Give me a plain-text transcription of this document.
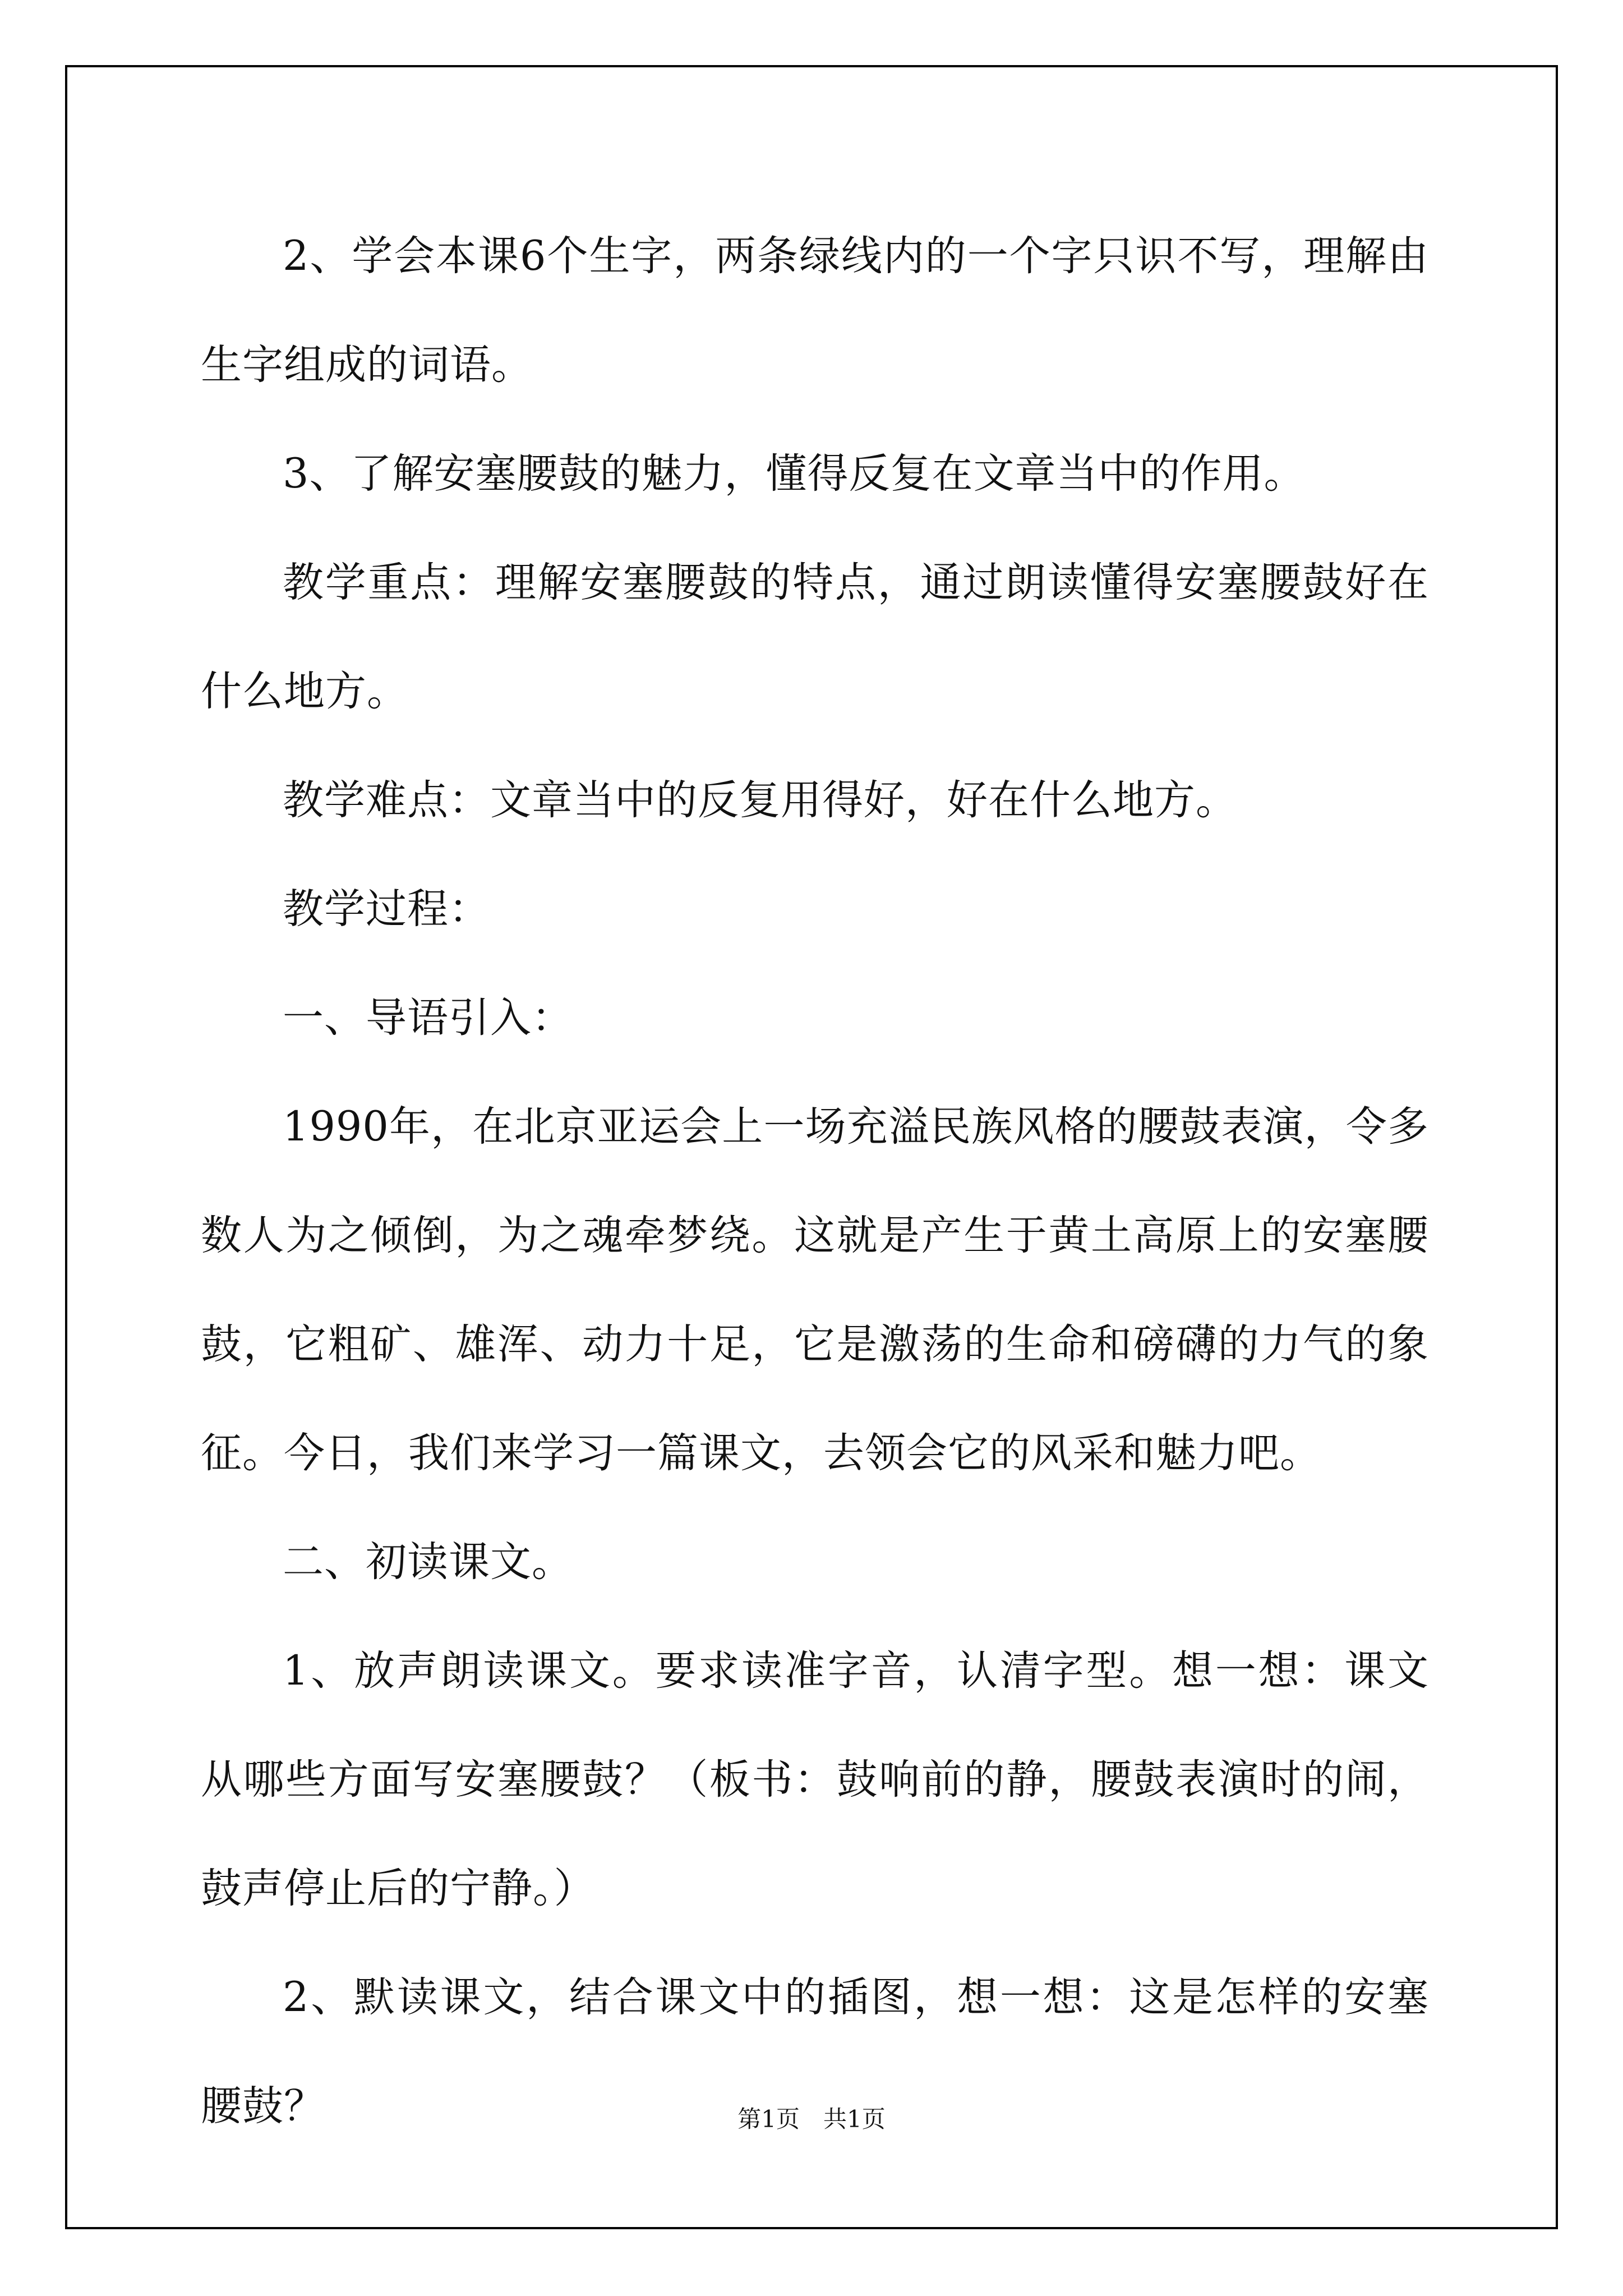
2、学会本课6个生字，两条绿线内的一个字只识不写，理解由生字组成的词语。

3、了解安塞腰鼓的魅力，懂得反复在文章当中的作用。

教学重点：理解安塞腰鼓的特点，通过朗读懂得安塞腰鼓好在什么地方。

教学难点：文章当中的反复用得好，好在什么地方。

教学过程：

一、导语引入：

1990年，在北京亚运会上一场充溢民族风格的腰鼓表演，令多数人为之倾倒，为之魂牵梦绕。这就是产生于黄土高原上的安塞腰鼓，它粗矿、雄浑、动力十足，它是激荡的生命和磅礴的力气的象征。今日，我们来学习一篇课文，去领会它的风采和魅力吧。

二、初读课文。

1、放声朗读课文。要求读准字音，认清字型。想一想：课文从哪些方面写安塞腰鼓？（板书：鼓响前的静，腰鼓表演时的闹，鼓声停止后的宁静。）

2、默读课文，结合课文中的插图，想一想：这是怎样的安塞腰鼓？	第1页　共1页
